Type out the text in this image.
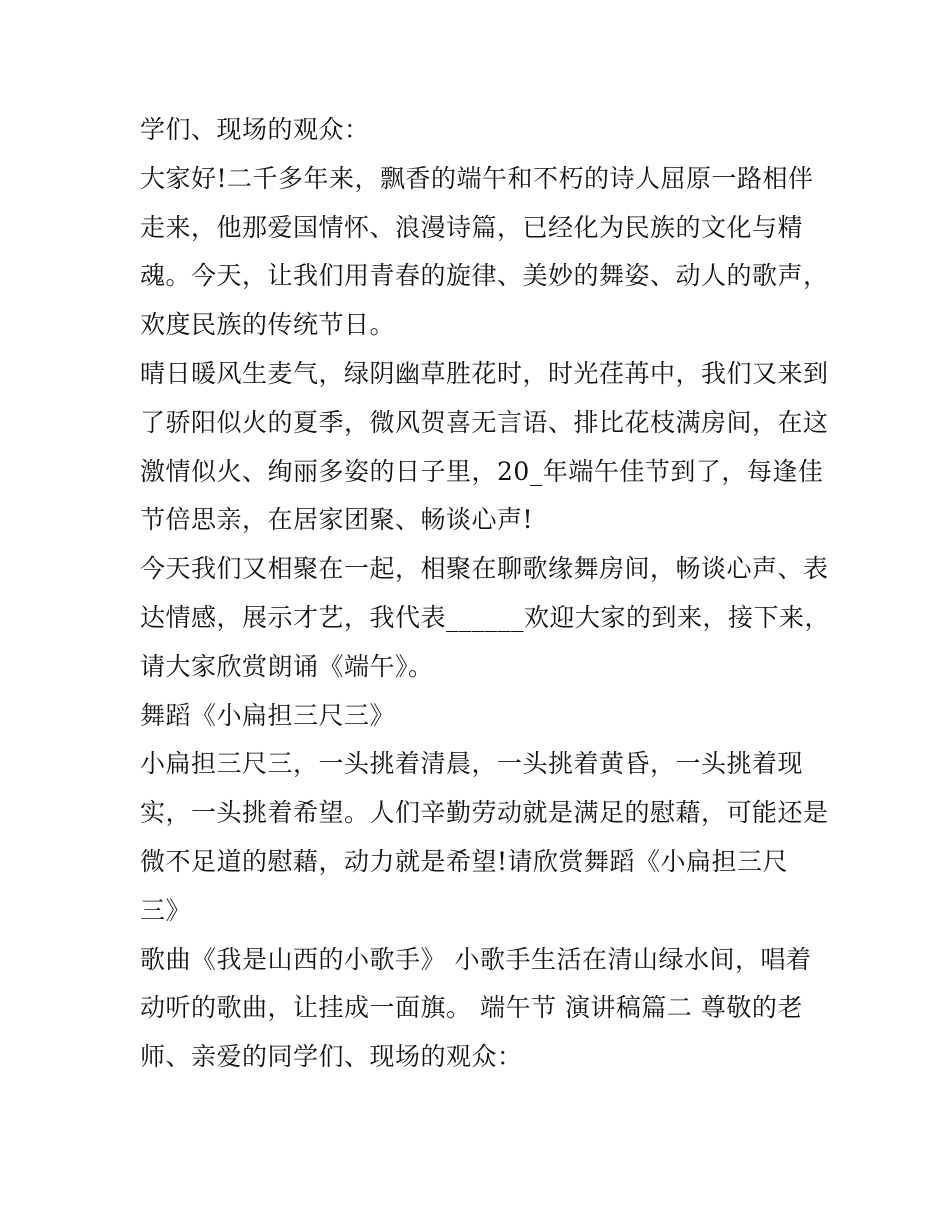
学们、现场的观众：

大家好!二千多年来，飘香的端午和不朽的诗人屈原一路相伴

走来，他那爱国情怀、浪漫诗篇，已经化为民族的文化与精

魂。今天，让我们用青春的旋律、美妙的舞姿、动人的歌声，

欢度民族的传统节日。

晴日暖风生麦气，绿阴幽草胜花时，时光荏苒中，我们又来到

了骄阳似火的夏季，微风贺喜无言语、排比花枝满房间，在这

激情似火、绚丽多姿的日子里，20_年端午佳节到了，每逢佳

节倍思亲，在居家团聚、畅谈心声!

今天我们又相聚在一起，相聚在聊歌缘舞房间，畅谈心声、表

达情感，展示才艺，我代表______欢迎大家的到来，接下来，

请大家欣赏朗诵《端午》。

舞蹈《小扁担三尺三》

小扁担三尺三，一头挑着清晨，一头挑着黄昏，一头挑着现

实，一头挑着希望。人们辛勤劳动就是满足的慰藉，可能还是

微不足道的慰藉，动力就是希望!请欣赏舞蹈《小扁担三尺

三》

歌曲《我是山西的小歌手》 小歌手生活在清山绿水间，唱着

动听的歌曲，让挂成一面旗。 端午节 演讲稿篇二 尊敬的老

师、亲爱的同学们、现场的观众：
